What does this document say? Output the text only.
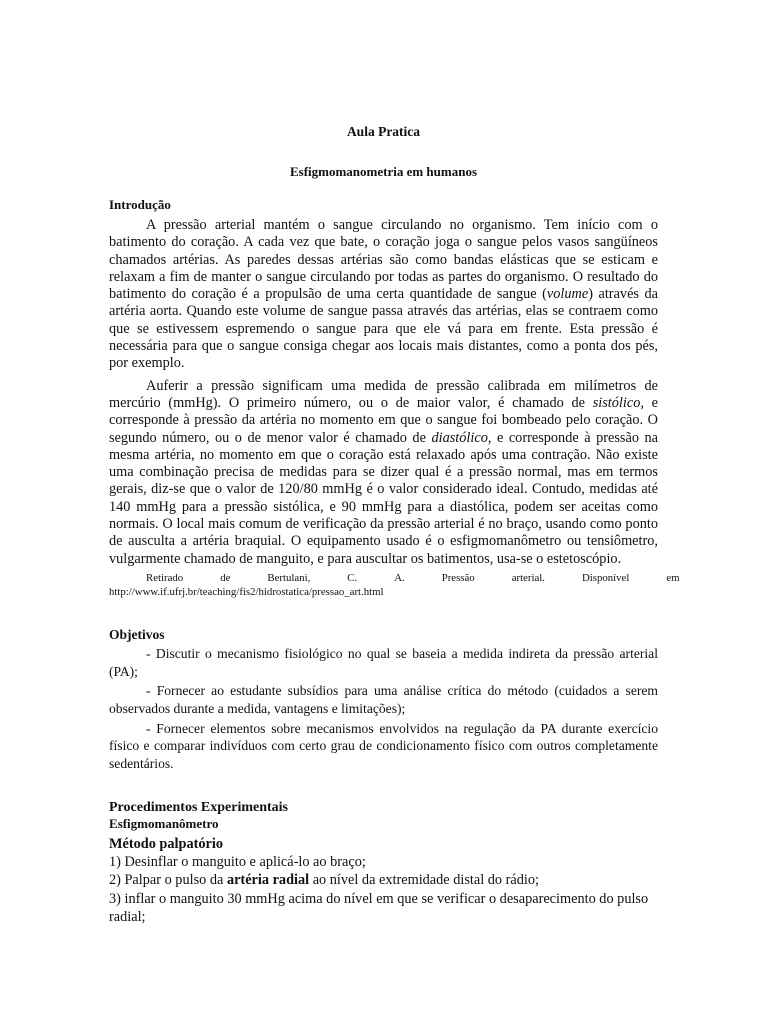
Aula Pratica
Esfigmomanometria em humanos
Introdução

A pressão arterial mantém o sangue circulando no organismo. Tem início com o batimento do coração. A cada vez que bate, o coração joga o sangue pelos vasos sangüíneos chamados artérias. As paredes dessas artérias são como bandas elásticas que se esticam e relaxam a fim de manter o sangue circulando por todas as partes do organismo. O resultado do batimento do coração é a propulsão de uma certa quantidade de sangue (volume) através da artéria aorta. Quando este volume de sangue passa através das artérias, elas se contraem como que se estivessem espremendo o sangue para que ele vá para em frente. Esta pressão é necessária para que o sangue consiga chegar aos locais mais distantes, como a ponta dos pés, por exemplo.

Auferir a pressão significam uma medida de pressão calibrada em milímetros de mercúrio (mmHg). O primeiro número, ou o de maior valor, é chamado de sistólico, e corresponde à pressão da artéria no momento em que o sangue foi bombeado pelo coração. O segundo número, ou o de menor valor é chamado de diastólico, e corresponde à pressão na mesma artéria, no momento em que o coração está relaxado após uma contração. Não existe uma combinação precisa de medidas para se dizer qual é a pressão normal, mas em termos gerais, diz-se que o valor de 120/80 mmHg é o valor considerado ideal. Contudo, medidas até 140 mmHg para a pressão sistólica, e 90 mmHg para a diastólica, podem ser aceitas como normais. O local mais comum de verificação da pressão arterial é no braço, usando como ponto de ausculta a artéria braquial. O equipamento usado é o esfigmomanômetro ou tensiômetro, vulgarmente chamado de manguito, e para auscultar os batimentos, usa-se o estetoscópio.

Retirado	de	Bertulani,	C.	A.	Pressão	arterial.	Disponível	em
http://www.if.ufrj.br/teaching/fis2/hidrostatica/pressao_art.html
Objetivos

- Discutir o mecanismo fisiológico no qual se baseia a medida indireta da pressão arterial (PA);

- Fornecer ao estudante subsídios para uma análise crítica do método (cuidados a serem observados durante a medida, vantagens e limitações);

- Fornecer elementos sobre mecanismos envolvidos na regulação da PA durante exercício físico e comparar indivíduos com certo grau de condicionamento físico com outros completamente sedentários.

Procedimentos Experimentais
Esfigmomanômetro
Método palpatório

1) Desinflar o manguito e aplicá-lo ao braço;

2) Palpar o pulso da artéria radial ao nível da extremidade distal do rádio;

3) inflar o manguito 30 mmHg acima do nível em que se verificar o desaparecimento do pulso radial;
